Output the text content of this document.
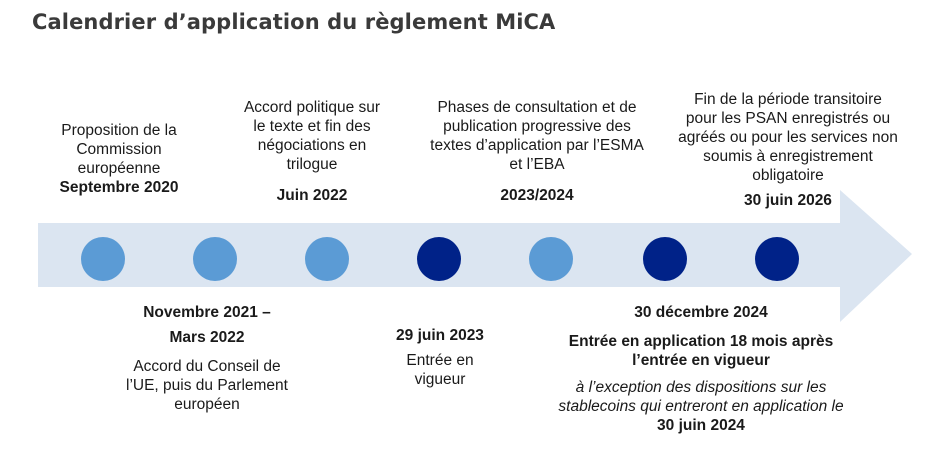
Calendrier d’application du règlement MiCA
Proposition de la
Commission
européenne
Septembre 2020
Accord politique sur
le texte et fin des
négociations en
trilogue
Juin 2022
Phases de consultation et de
publication progressive des
textes d’application par l’ESMA
et l’EBA
2023/2024
Fin de la période transitoire
pour les PSAN enregistrés ou
agréés ou pour les services non
soumis à enregistrement
obligatoire
30 juin 2026
Novembre 2021 –
Mars 2022
Accord du Conseil de
l’UE, puis du Parlement
européen
29 juin 2023
Entrée en
vigueur
30 décembre 2024
Entrée en application 18 mois après
l’entrée en vigueur
à l’exception des dispositions sur les
stablecoins qui entreront en application le
30 juin 2024
